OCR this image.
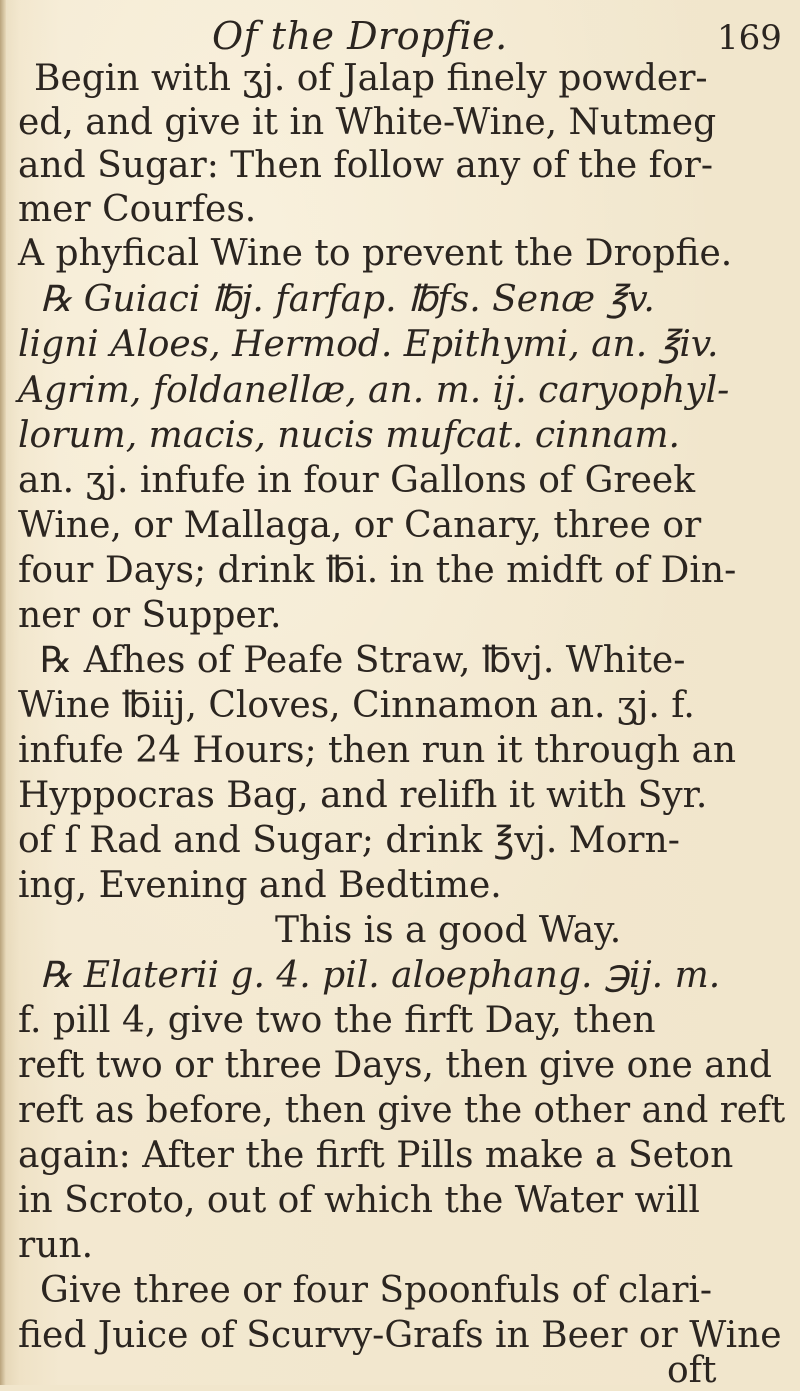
Of the Dropfie.	169
Begin with ʒj. of Jalap finely powder-
ed, and give it in White-Wine, Nutmeg
and Sugar: Then follow any of the for-
mer Courfes.
A phyfical Wine to prevent the Dropfie.
℞ Guiaci ℔j. farfap. ℔fs. Senæ ℥v.
ligni Aloes, Hermod. Epithymi, an. ℥iv.
Agrim, foldanellæ, an. m. ij. caryophyl-
lorum, macis, nucis mufcat. cinnam.
an. ʒj. infufe in four Gallons of Greek
Wine, or Mallaga, or Canary, three or
four Days; drink ℔i. in the midft of Din-
ner or Supper.
℞ Afhes of Peafe Straw, ℔vj. White-
Wine ℔iij, Cloves, Cinnamon an. ʒj. f.
infufe 24 Hours; then run it through an
Hyppocras Bag, and relifh it with Syr.
of ſ Rad and Sugar; drink ℥vj. Morn-
ing, Evening and Bedtime.
This is a good Way.
℞ Elaterii g. 4. pil. aloephang. ℈ij. m.
f. pill 4, give two the firft Day, then
reft two or three Days, then give one and
reft as before, then give the other and reft
again: After the firft Pills make a Seton
in Scroto, out of which the Water will
run.
Give three or four Spoonfuls of clari-
fied Juice of Scurvy-Grafs in Beer or Wine
oft
